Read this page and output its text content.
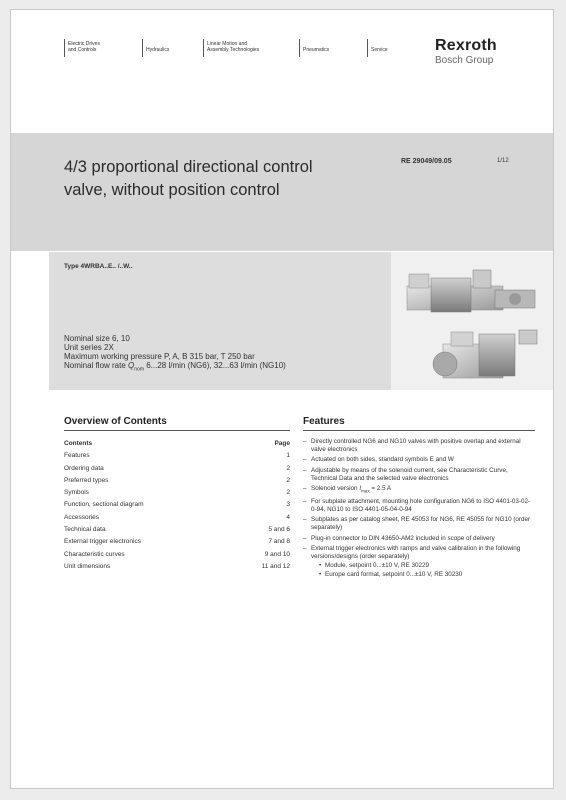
Electric Drives
and Controls	Hydraulics
Linear Motion and
Assembly Technologies	Pneumatics	Service	Rexroth
Bosch Group
4/3 proportional directional control
valve, without position control
RE 29049/09.05	1/12
Type 4WRBA..E.. /..W..
Nominal size 6, 10
Unit series 2X
Maximum working pressure P, A, B 315 bar, T 250 bar
Nominal flow rate $Q_{nom}$ 6...28 l/min (NG6), 32...63 l/min (NG10)
Overview of Contents
Contents	Page
Features	1
Ordering data	2
Preferred types	2
Symbols	2
Function, sectional diagram	3
Accessories	4
Technical data	5 and 6
External trigger electronics	7 and 8
Characteristic curves	9 and 10
Unit dimensions	11 and 12
Features
– Directly controlled NG6 and NG10 valves with positive overlap and external valve electronics
– Actuated on both sides, standard symbols E and W
– Adjustable by means of the solenoid current, see Characteristic Curve, Technical Data and the selected valve electronics
– Solenoid version $I_{max} = 2.5$ A
– For subplate attachment, mounting hole configuration NG6 to ISO 4401-03-02-0-94, NG10 to ISO 4401-05-04-0-94
– Subplates as per catalog sheet, RE 45053 for NG6, RE 45055 for NG10 (order separately)
– Plug-in connector to DIN 43650-AM2 included in scope of delivery
– External trigger electronics with ramps and valve calibration in the following versions/designs (order separately)
• Module, setpoint 0...±10 V, RE 30229
• Europe card format, setpoint 0...±10 V, RE 30230
